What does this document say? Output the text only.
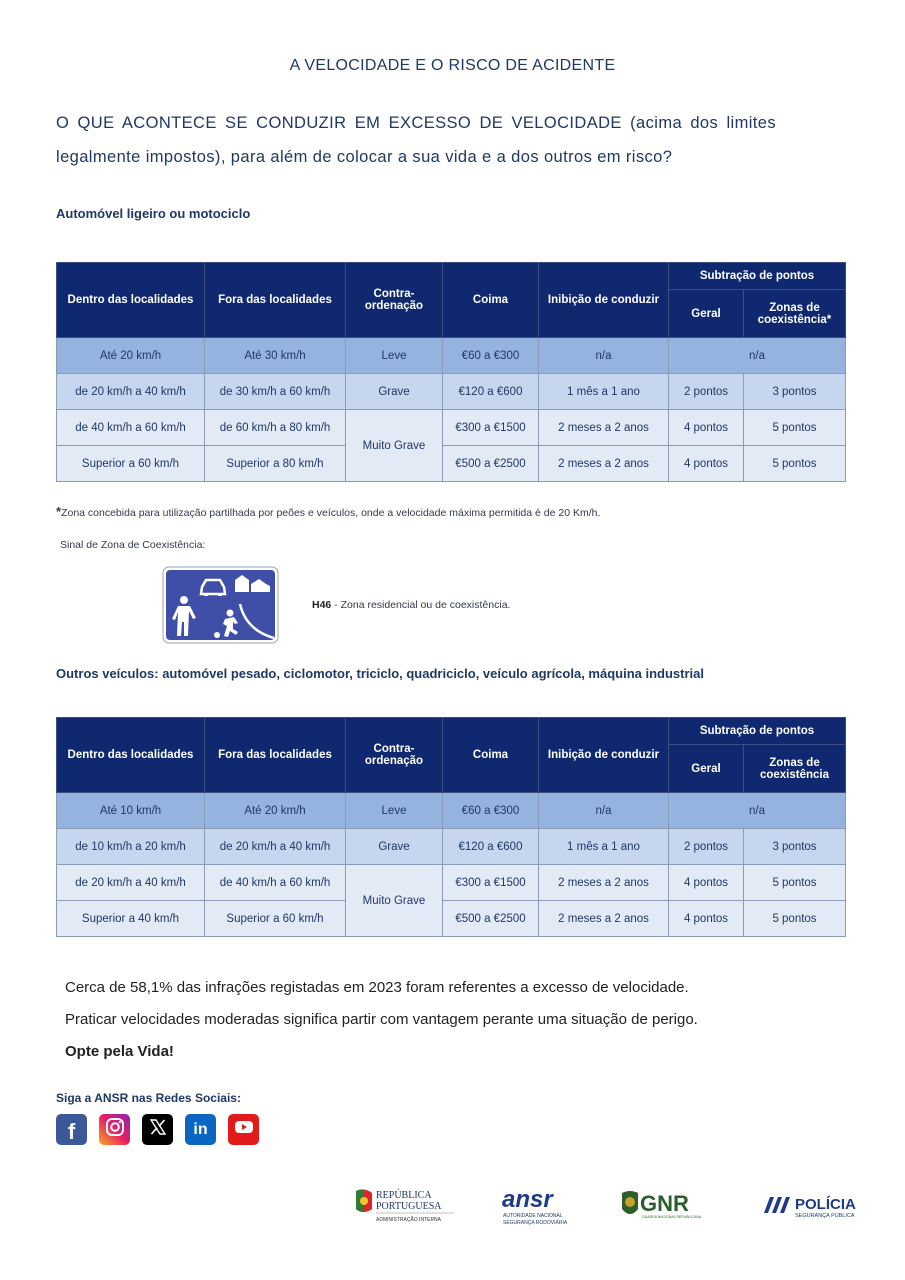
A VELOCIDADE E O RISCO DE ACIDENTE
O QUE ACONTECE SE CONDUZIR EM EXCESSO DE VELOCIDADE (acima dos limites legalmente impostos), para além de colocar a sua vida e a dos outros em risco?
Automóvel ligeiro ou motociclo
Dentro das localidades	Fora das localidades	Contra-ordenação	Coima	Inibição de conduzir	Subtração de pontos	
					Geral	Zonas de coexistência*
Até 20 km/h	Até 30 km/h	Leve	€60 a €300	n/a	n/a	
de 20 km/h a 40 km/h	de 30 km/h a 60 km/h	Grave	€120 a €600	1 mês a 1 ano	2 pontos	3 pontos
de 40 km/h a 60 km/h	de 60 km/h a 80 km/h	Muito Grave	€300 a €1500	2 meses a 2 anos	4 pontos	5 pontos
Superior a 60 km/h	Superior a 80 km/h		€500 a €2500	2 meses a 2 anos	4 pontos	5 pontos
*Zona concebida para utilização partilhada por peões e veículos, onde a velocidade máxima permitida é de 20 Km/h.
Sinal de Zona de Coexistência:
H46 - Zona residencial ou de coexistência.
Outros veículos: automóvel pesado, ciclomotor, triciclo, quadriciclo, veículo agrícola, máquina industrial
Dentro das localidades	Fora das localidades	Contra-ordenação	Coima	Inibição de conduzir	Subtração de pontos	
					Geral	Zonas de coexistência
Até 10 km/h	Até 20 km/h	Leve	€60 a €300	n/a	n/a	
de 10 km/h a 20 km/h	de 20 km/h a 40 km/h	Grave	€120 a €600	1 mês a 1 ano	2 pontos	3 pontos
de 20 km/h a 40 km/h	de 40 km/h a 60 km/h	Muito Grave	€300 a €1500	2 meses a 2 anos	4 pontos	5 pontos
Superior a 40 km/h	Superior a 60 km/h		€500 a €2500	2 meses a 2 anos	4 pontos	5 pontos
Cerca de 58,1% das infrações registadas em 2023 foram referentes a excesso de velocidade.
Praticar velocidades moderadas significa partir com vantagem perante uma situação de perigo.
Opte pela Vida!
Siga a ANSR nas Redes Sociais:
f	in
REPÚBLICA
PORTUGUESA
ADMINISTRAÇÃO INTERNA
ansr
AUTORIDADE NACIONAL
SEGURANÇA RODOVIÁRIA
GNR
GUARDA NACIONAL REPUBLICANA
POLÍCIA
SEGURANÇA PÚBLICA
